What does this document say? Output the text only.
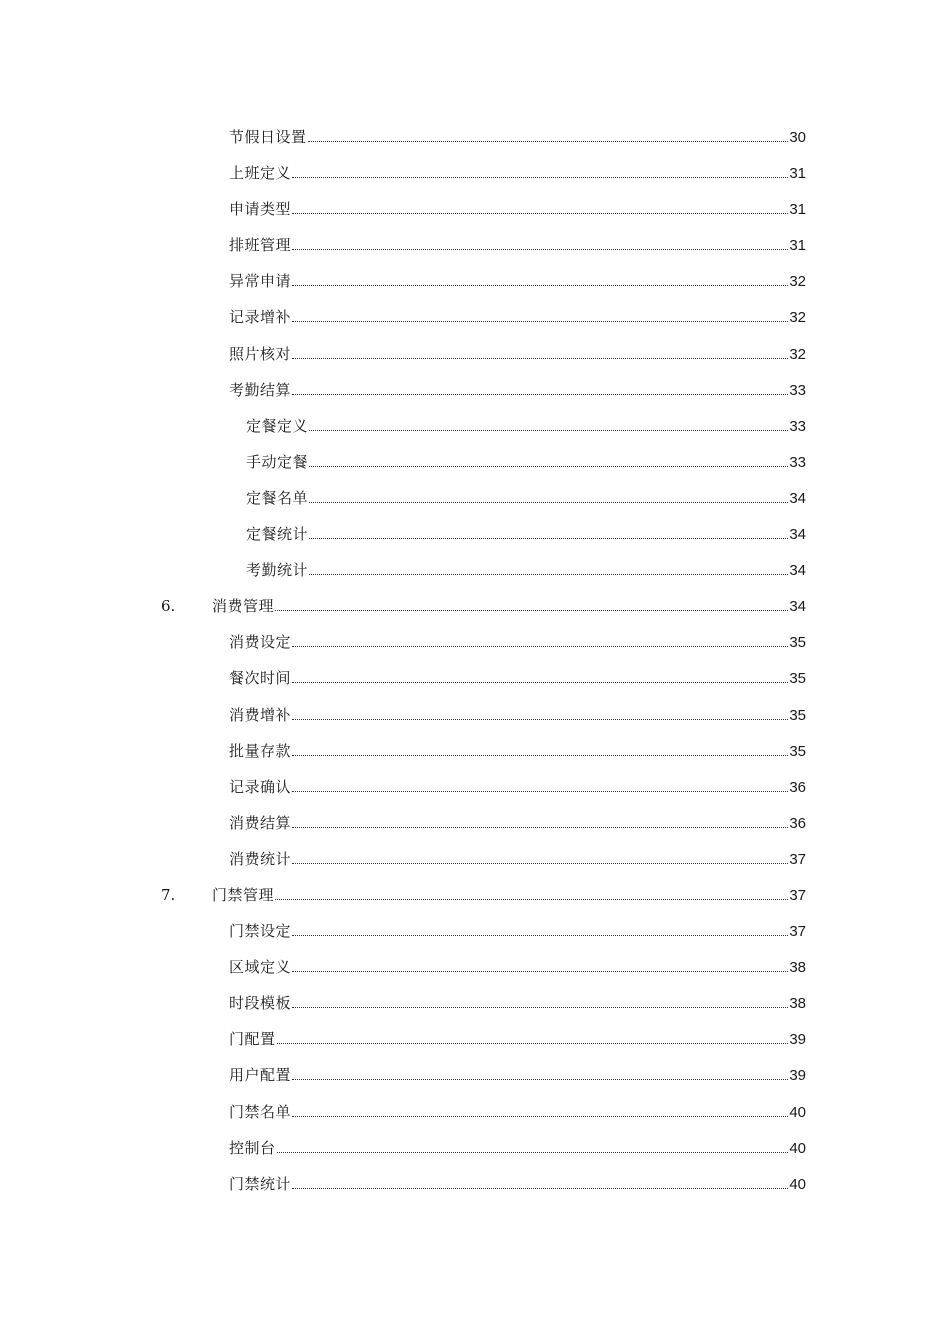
节假日设置	30
上班定义	31
申请类型	31
排班管理	31
异常申请	32
记录增补	32
照片核对	32
考勤结算	33
定餐定义	33
手动定餐	33
定餐名单	34
定餐统计	34
考勤统计	34
6. 消费管理	34
消费设定	35
餐次时间	35
消费增补	35
批量存款	35
记录确认	36
消费结算	36
消费统计	37
7. 门禁管理	37
门禁设定	37
区域定义	38
时段模板	38
门配置	39
用户配置	39
门禁名单	40
控制台	40
门禁统计	40
